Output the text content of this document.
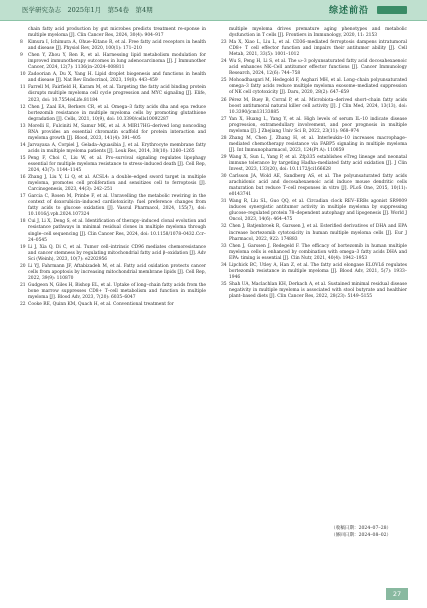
医学研究杂志　2025年1月　第54卷　第4期	综述前沿
chain fatty acid production by gut microbes predicts treatment re-sponse in multiple myeloma [J]. Clin Cancer Res, 2024, 30(4): 904–917
8 Kimura I, Ichimura A, Ohue–Kitano R, et al. Free fatty acid receptors in health and disease [J]. Physiol Rev, 2020, 100(1): 171–210
9 Chen Y, Zhou Y, Ren R, et al. Harnessing lipid metabolism modulation for improved immunotherapy outcomes in lung adenocarcinoma [J]. J Immunother Cancer, 2024, 12(7): 1136(in–2024–008811
10 Zadoorian A, Du X, Yang H. Lipid droplet biogenesis and functions in health and disease [J]. Nat Rev Endocrinol, 2023, 19(8): 443–459
11 Farrell M, Fairfield H, Karam M, et al. Targeting the fatty acid binding protein disrupts multiple myeloma cell cycle progression and MYC signaling [J]. Elife, 2023, doi: 10.7554/eLife.81184
12 Chen J, Zaal EA, Berkers CR, et al. Omega–3 fatty acids dha and epa reduce bortezomib resistance in multiple myeloma cells by promoting glutathione degradation [J]. Cells, 2021, 10(9), doi: 10.3390/cells10092287
13 Morelli E, Fulciniti M, Samur MK, et al. A MIR17HG–derived long noncoding RNA provides an essential chromatin scaffold for protein interaction and myeloma growth [J]. Blood, 2023, 141(4): 391–405
14 Jarvayaxa A, Corpiel J, Gelada–Aguasibia J, et al. Erythrocyte membrane fatty acids in multiple myeloma patients [J]. Leuk Res, 2014, 38(10): 1260–1265
15 Peng F, Choi C, Liu W, et al. Pro–survival signaling regulates lipophagy essential for multiple myeloma resistance to stress–induced death [J]. Cell Rep, 2024, 43(7): 1144–1145
16 Zhang J, Liu Y, Li Q, et al. ACSL4: a double–edged sword target in multiple myeloma, promotes cell proliferation and sensitizes cell to ferroptosis [J]. Carcinogenesis, 2023, 44(3): 242–251
17 Garcia C, Rosen M, Prinbe F, et al. Unravelling the metabolic rewiring in the context of doxorubicin–induced cardiotoxicity: fuel preference changes from fatty acids to glucose oxidation [J]. Vascul Pharmacol, 2024, 155(7), doi: 10.1016/j.vph.2024.107324
18 Cui J, Li X, Deng S, et al. Identification of therapy–induced clonal evolution and resistance pathways in minimal residual clones in multiple myeloma through single–cell sequencing [J]. Clin Cancer Res, 2024, doi: 10.1158/1078–0432.Ccr–24–0545
19 Li J, Xia Q, Di C, et al. Tumor cell–intrinsic CD96 mediates chemoresistance and cancer stemness by regulating mitochondrial fatty acid β–oxidation [J]. Adv Sci (Weinh), 2023, 10(7): e2202956
20 Li YJ, Fahrmann JF, Aftabizadeh M, et al. Fatty acid oxidation protects cancer cells from apoptosis by increasing mitochondrial membrane lipids [J]. Cell Rep, 2022, 39(9): 110870
21 Gudgeon N, Giles H, Bishop EL, et al. Uptake of long–chain fatty acids from the bone marrow suppresses CD8+ T–cell metabolism and function in multiple myeloma [J]. Blood Adv, 2023, 7(20): 6035–6047
22 Cooke RE, Quinn KM, Quach H, et al. Conventional treatment for
multiple myeloma drives premature aging phenotypes and metabolic dysfunction in T cells [J]. Frontiers in Immunology, 2020, 11: 2153
23 Ma X, Xiao L, Liu L, et al. CD36–mediated ferroptosis dampens intratumoral CD8+ T cell effector function and impairs their antitumor ability [J]. Cell Metab, 2021, 33(5): 1001–1012
24 Wu S, Peng H, Li S, et al. The ω–3 polyunsaturated fatty acid docosahexaenoic acid enhances NK–Cell antitumor effector functions [J]. Cancer Immunology Research, 2024, 12(6): 744–758
25 Mohoadhasgari M, Hedegold F, Asghari MH, et al. Long–chain polyunsaturated omega–3 fatty acids reduce multiple myeloma exosome–mediated suppression of NK cell cytotoxicity [J]. Daru, 2020, 28(2): 647–659
26 Pérez M, Buey B, Corral P, et al. Microbiota–derived short–chain fatty acids boost antitumoral natural killer cell activity [J]. J Clin Med, 2024, 13(13), doi: 10.3390/jcm13133885
27 Yan X, Huang L, Yang Y, et al. High levels of serum IL–10 indicate disease progression, extramedullary involvement, and poor prognosis in multiple myeloma [J]. J Zhejiang Univ Sci B, 2022, 23(11): 968–974
28 Zhang M, Chen J, Zhang H, et al. Interleukin–10 increases macrophage–mediated chemotherapy resistance via FABP5 signaling in multiple myeloma [J]. Int Immunopharmacol, 2023, 124(Pt A): 110859
29 Wang X, Sun L, Yang P, et al. Zfp335 establishes eTreg lineage and neonatal immune tolerance by targeting Hadha–mediated fatty acid oxidation [J]. J Clin Invest, 2023, 133(20), doi: 10.1172/jci166628
30 Carlsson JA, Wold AE, Sandberg AS, et al. The polyunsaturated fatty acids arachidonic acid and docosahexaenoic acid induce mouse dendritic cells maturation but reduce T–cell responses in vitro [J]. PLoS One, 2015, 10(11): e0143741
31 Wang R, Liu SL, Guo QQ, et al. Circadian clock REV–ERBs agonist SR9009 induces synergistic antitumor activity in multiple myeloma by suppressing glucose–regulated protein 78–dependent autophagy and lipogenesis [J]. World J Oncol, 2023, 14(6): 464–475
32 Chen J, Batjenbroek R, Garssen J, et al. Esterified derivatives of DHA and EPA increase bortezomib cytotoxicity in human multiple myeloma cells [J]. Eur J Pharmacol, 2022, 922: 174883
33 Chen J, Garssen J, Redegeld F. The efficacy of bortezomib in human multiple myeloma cells is enhanced by combination with omega–3 fatty acids DHA and EPA: timing is essential [J]. Clin Nutr, 2021, 40(4): 1942–1953
34 Lipchick BC, Utley A, Han Z, et al. The fatty acid elongase ELOVL6 regulates bortezomib resistance in multiple myeloma [J]. Blood Adv, 2021, 5(7): 1933–1946
35 Shah UA, Maclachlan KH, Derkach A, et al. Sustained minimal residual disease negativity in multiple myeloma is associated with stool butyrate and healthier plant–based diets [J]. Clin Cancer Res, 2022, 28(23): 5149–5155
（收稿日期：2024–07–28）
（修回日期：2024–08–02）
27
